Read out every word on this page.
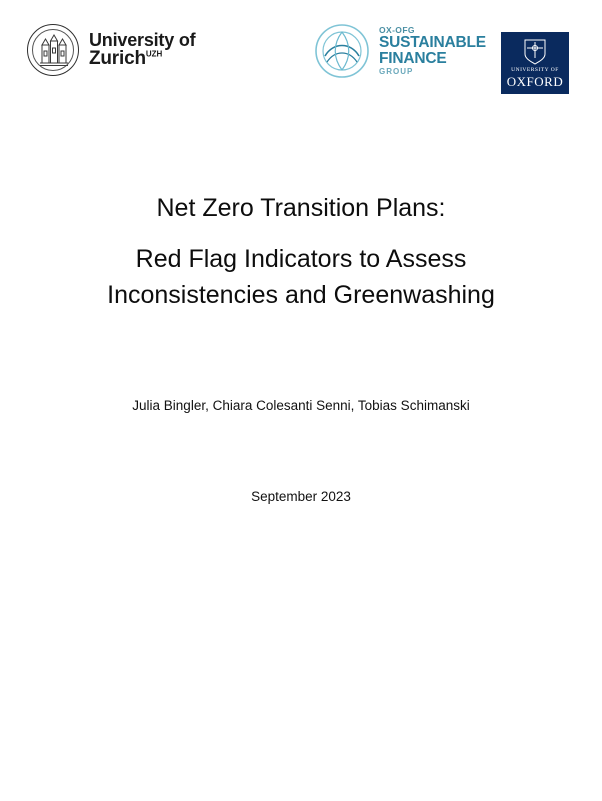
University of
Zurich$^{UZH}$
OX-OFG
SUSTAINABLE
FINANCE
GROUP	UNIVERSITY OF
OXFORD
Net Zero Transition Plans:
Red Flag Indicators to Assess
Inconsistencies and Greenwashing
Julia Bingler, Chiara Colesanti Senni, Tobias Schimanski
September 2023
